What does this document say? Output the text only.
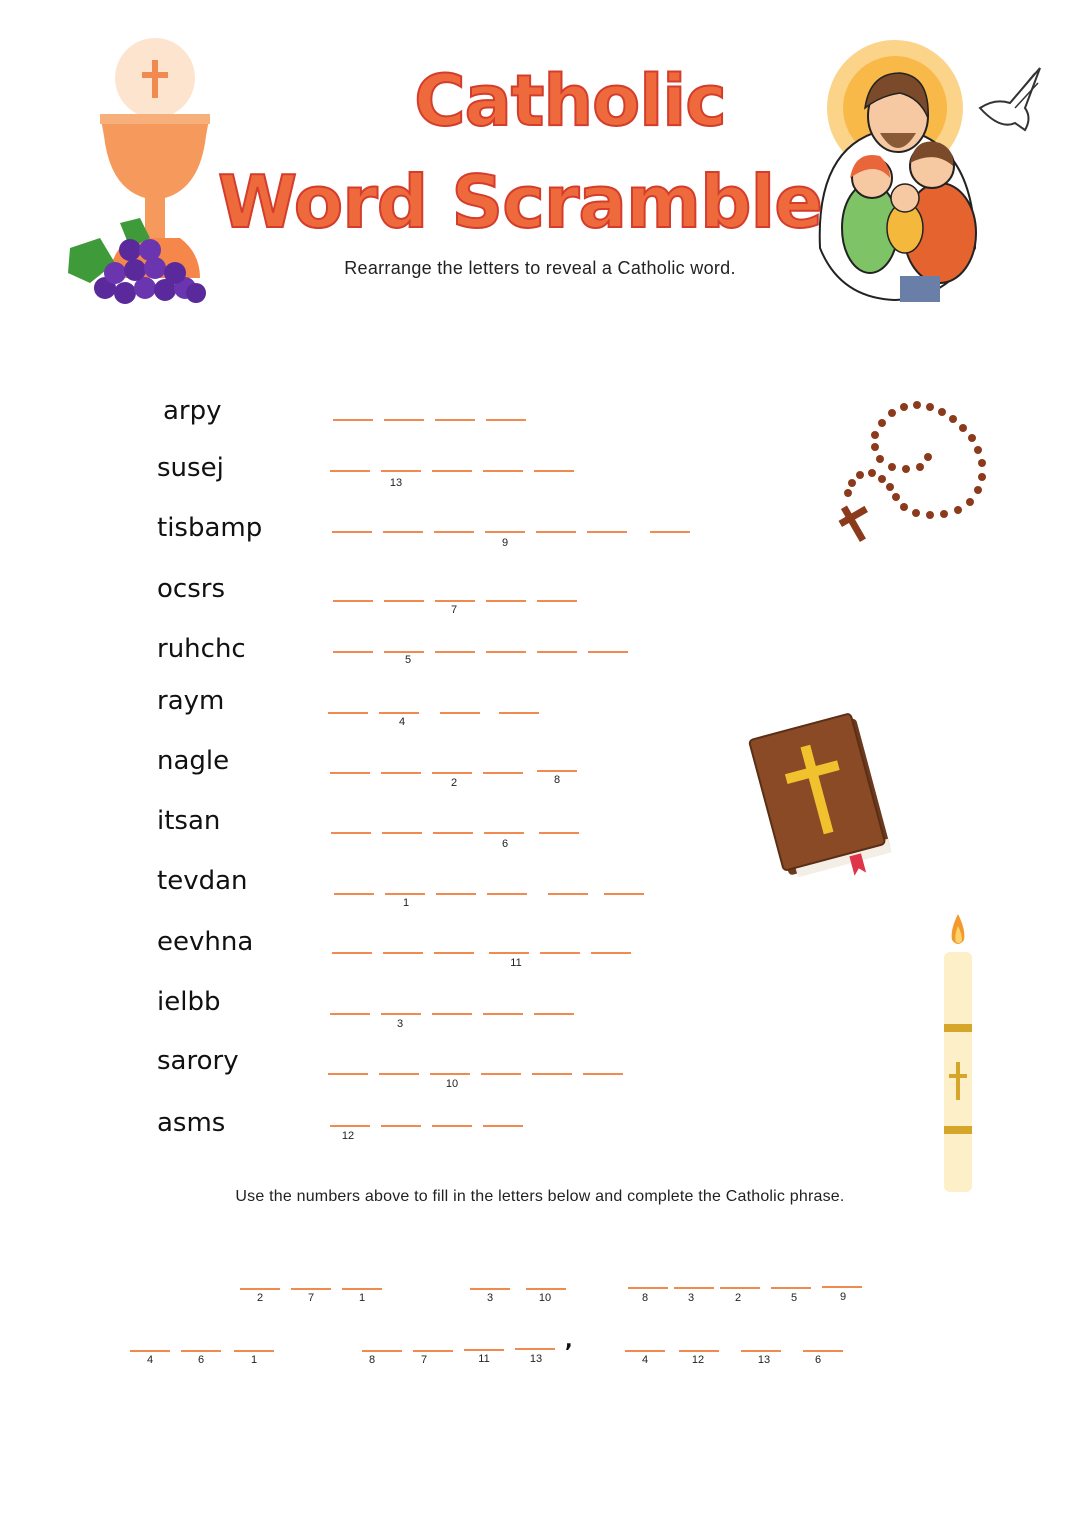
Catholic
Word Scramble
Rearrange the letters to reveal a Catholic word.
arpy
susej	13
tisbamp	9
ocsrs
7
ruhchc	5
raym
4
nagle
2	8
itsan
6
tevdan
1
eevhna
11
ielbb
3
sarory
10
asms	12
Use the numbers above to fill in the letters below and complete the Catholic phrase.
2	7	1	3	10	8	3	2	5	9
4	6	1	8	7	11	13
,
4	12	13	6
